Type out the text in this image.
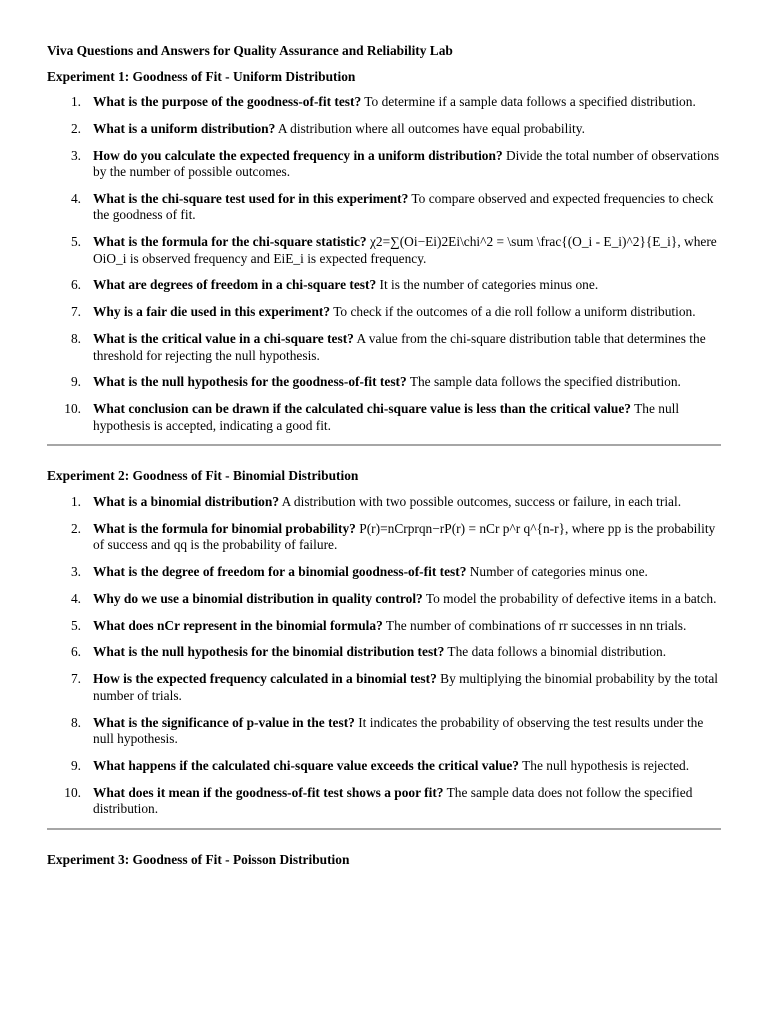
Viva Questions and Answers for Quality Assurance and Reliability Lab
Experiment 1: Goodness of Fit - Uniform Distribution
1. What is the purpose of the goodness-of-fit test? To determine if a sample data follows a specified distribution.
2. What is a uniform distribution? A distribution where all outcomes have equal probability.
3. How do you calculate the expected frequency in a uniform distribution? Divide the total number of observations by the number of possible outcomes.
4. What is the chi-square test used for in this experiment? To compare observed and expected frequencies to check the goodness of fit.
5. What is the formula for the chi-square statistic? χ2=∑(Oi−Ei)2Ei\chi^2 = \sum \frac{(O_i - E_i)^2}{E_i}, where OiO_i is observed frequency and EiE_i is expected frequency.
6. What are degrees of freedom in a chi-square test? It is the number of categories minus one.
7. Why is a fair die used in this experiment? To check if the outcomes of a die roll follow a uniform distribution.
8. What is the critical value in a chi-square test? A value from the chi-square distribution table that determines the threshold for rejecting the null hypothesis.
9. What is the null hypothesis for the goodness-of-fit test? The sample data follows the specified distribution.
10. What conclusion can be drawn if the calculated chi-square value is less than the critical value? The null hypothesis is accepted, indicating a good fit.
Experiment 2: Goodness of Fit - Binomial Distribution
1. What is a binomial distribution? A distribution with two possible outcomes, success or failure, in each trial.
2. What is the formula for binomial probability? P(r)=nCrprqn−rP(r) = nCr p^r q^{n-r}, where pp is the probability of success and qq is the probability of failure.
3. What is the degree of freedom for a binomial goodness-of-fit test? Number of categories minus one.
4. Why do we use a binomial distribution in quality control? To model the probability of defective items in a batch.
5. What does nCr represent in the binomial formula? The number of combinations of rr successes in nn trials.
6. What is the null hypothesis for the binomial distribution test? The data follows a binomial distribution.
7. How is the expected frequency calculated in a binomial test? By multiplying the binomial probability by the total number of trials.
8. What is the significance of p-value in the test? It indicates the probability of observing the test results under the null hypothesis.
9. What happens if the calculated chi-square value exceeds the critical value? The null hypothesis is rejected.
10. What does it mean if the goodness-of-fit test shows a poor fit? The sample data does not follow the specified distribution.
Experiment 3: Goodness of Fit - Poisson Distribution
